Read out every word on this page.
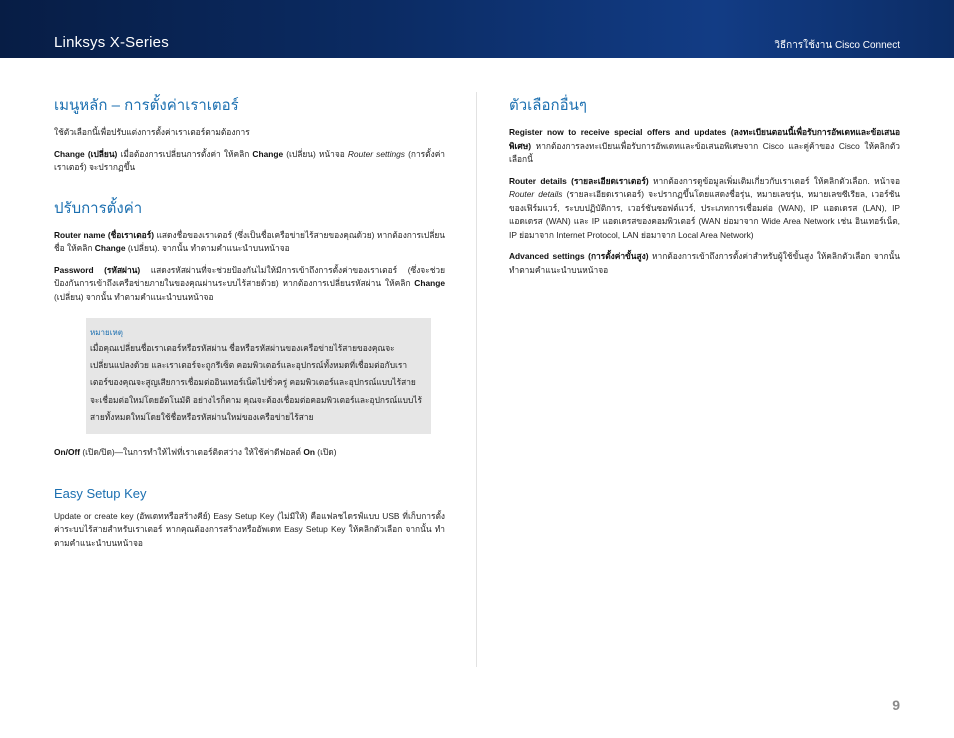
Linksys X-Series	วิธีการใช้งาน Cisco Connect
เมนูหลัก – การตั้งค่าเราเตอร์

ใช้ตัวเลือกนี้เพื่อปรับแต่งการตั้งค่าเราเตอร์ตามต้องการ

Change (เปลี่ยน) เมื่อต้องการเปลี่ยนการตั้งค่า ให้คลิก Change (เปลี่ยน) หน้าจอ Router settings (การตั้งค่าเราเตอร์) จะปรากฏขึ้น

ปรับการตั้งค่า

Router name (ชื่อเราเตอร์) แสดงชื่อของเราเตอร์ (ซึ่งเป็นชื่อเครือข่ายไร้สายของคุณด้วย) หากต้องการเปลี่ยนชื่อ ให้คลิก Change (เปลี่ยน). จากนั้น ทำตามคำแนะนำบนหน้าจอ

Password (รหัสผ่าน) แสดงรหัสผ่านที่จะช่วยป้องกันไม่ให้มีการเข้าถึงการตั้งค่าของเราเตอร์ (ซึ่งจะช่วยป้องกันการเข้าถึงเครือข่ายภายในของคุณผ่านระบบไร้สายด้วย) หากต้องการเปลี่ยนรหัสผ่าน ให้คลิก Change (เปลี่ยน) จากนั้น ทำตามคำแนะนำบนหน้าจอ

หมายเหตุ
เมื่อคุณเปลี่ยนชื่อเราเตอร์หรือรหัสผ่าน ชื่อหรือรหัสผ่านของเครือข่ายไร้สายของคุณจะเปลี่ยนแปลงด้วย และเราเตอร์จะถูกรีเซ็ต คอมพิวเตอร์และอุปกรณ์ทั้งหมดที่เชื่อมต่อกับเราเตอร์ของคุณจะสูญเสียการเชื่อมต่ออินเทอร์เน็ตไปชั่วครู่ คอมพิวเตอร์และอุปกรณ์แบบไร้สายจะเชื่อมต่อใหม่โดยอัตโนมัติ อย่างไรก็ตาม คุณจะต้องเชื่อมต่อคอมพิวเตอร์และอุปกรณ์แบบไร้สายทั้งหมดใหม่โดยใช้ชื่อหรือรหัสผ่านใหม่ของเครือข่ายไร้สาย

On/Off (เปิด/ปิด)—ในการทำให้ไฟที่เราเตอร์ติดสว่าง ให้ใช้ค่าดีฟอลต์ On (เปิด)

Easy Setup Key

Update or create key (อัพเดทหรือสร้างคีย์) Easy Setup Key (ไม่มีให้) คือแฟลชไดรฟ์แบบ USB ที่เก็บการตั้งค่าระบบไร้สายสำหรับเราเตอร์ หากคุณต้องการสร้างหรืออัพเดท Easy Setup Key ให้คลิกตัวเลือก จากนั้น ทำตามคำแนะนำบนหน้าจอ

ตัวเลือกอื่นๆ

Register now to receive special offers and updates (ลงทะเบียนตอนนี้เพื่อรับการอัพเดทและข้อเสนอพิเศษ) หากต้องการลงทะเบียนเพื่อรับการอัพเดทและข้อเสนอพิเศษจาก Cisco และคู่ค้าของ Cisco ให้คลิกตัวเลือกนี้

Router details (รายละเอียดเราเตอร์) หากต้องการดูข้อมูลเพิ่มเติมเกี่ยวกับเราเตอร์ ให้คลิกตัวเลือก. หน้าจอ Router details (รายละเอียดเราเตอร์) จะปรากฏขึ้นโดยแสดงชื่อรุ่น, หมายเลขรุ่น, หมายเลขซีเรียล, เวอร์ชันของเฟิร์มแวร์, ระบบปฏิบัติการ, เวอร์ชันซอฟต์แวร์, ประเภทการเชื่อมต่อ (WAN), IP แอดเดรส (LAN), IP แอดเดรส (WAN) และ IP แอดเดรสของคอมพิวเตอร์ (WAN ย่อมาจาก Wide Area Network เช่น อินเทอร์เน็ต, IP ย่อมาจาก Internet Protocol, LAN ย่อมาจาก Local Area Network)

Advanced settings (การตั้งค่าขั้นสูง) หากต้องการเข้าถึงการตั้งค่าสำหรับผู้ใช้ขั้นสูง ให้คลิกตัวเลือก จากนั้น ทำตามคำแนะนำบนหน้าจอ

9
